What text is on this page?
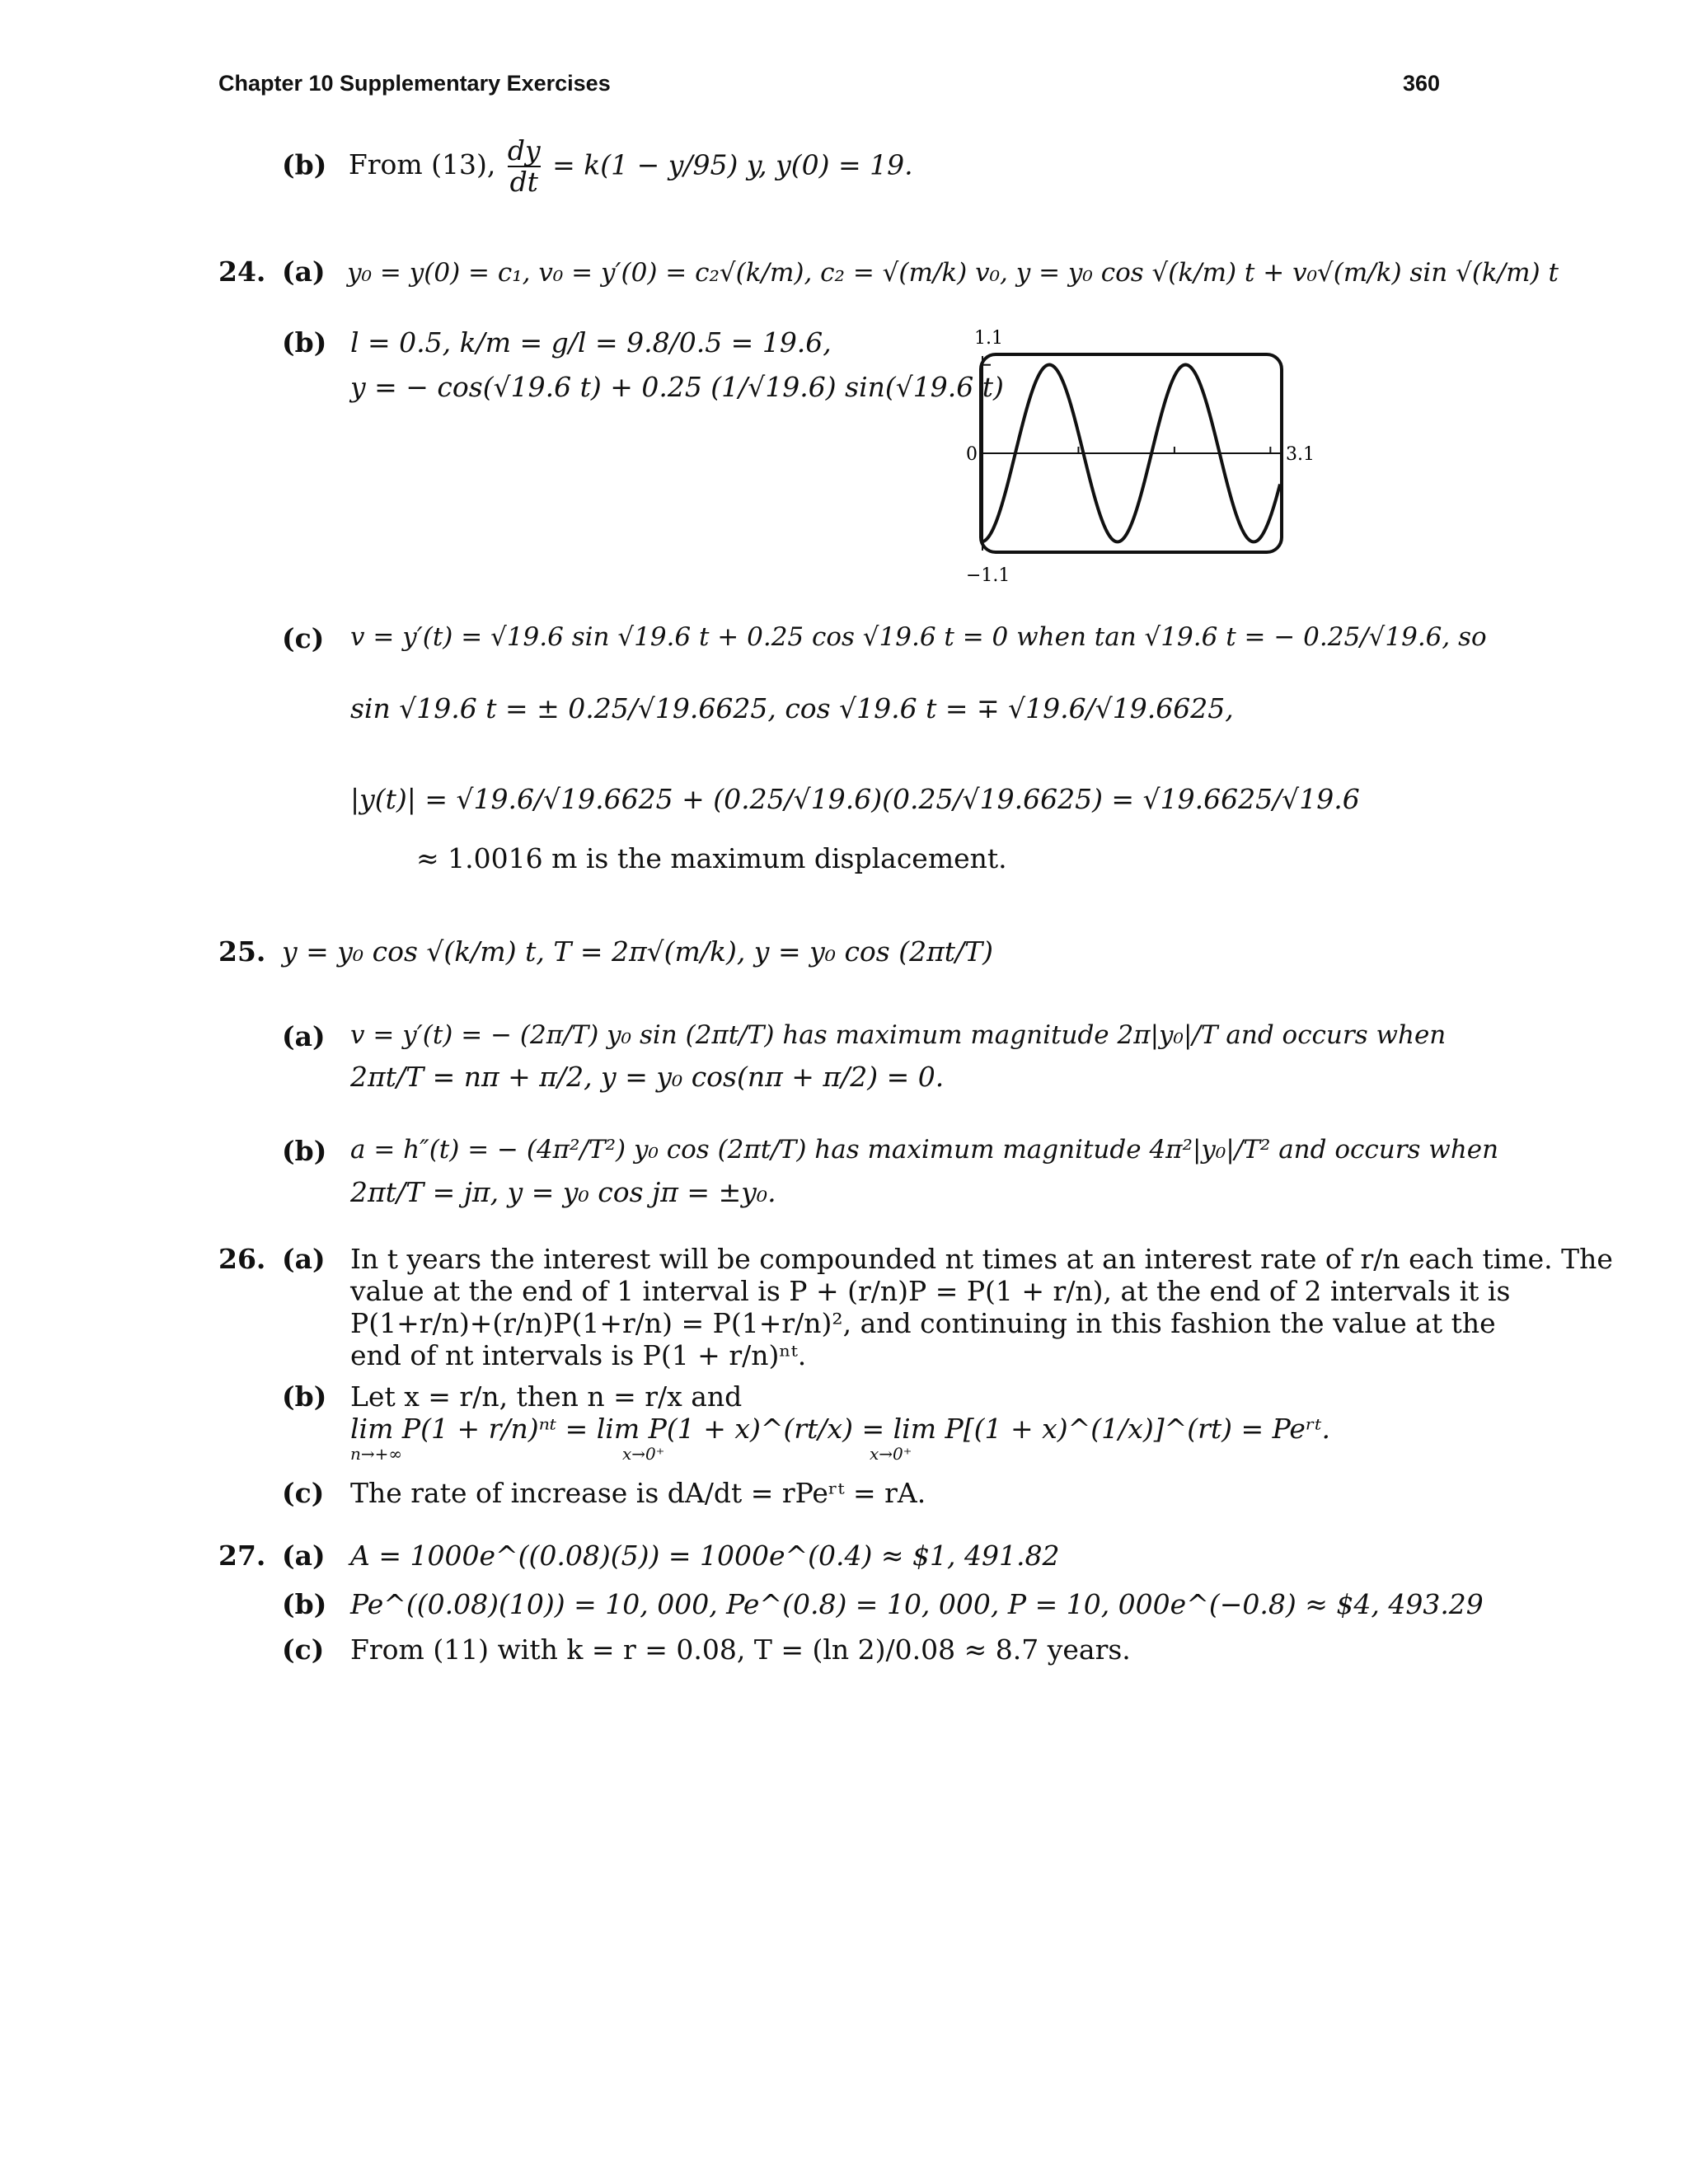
Chapter 10 Supplementary Exercises	360
(b) From (13), $\frac{dy}{dt} = k(1 - y/95)$ y, y(0) = 19.
24. (a) y₀ = y(0) = c₁, v₀ = y′(0) = c₂√(k/m), c₂ = √(m/k) v₀, y = y₀ cos √(k/m) t + v₀√(m/k) sin √(k/m) t
(b) l = 0.5, k/m = g/l = 9.8/0.5 = 19.6,
y = − cos(√19.6 t) + 0.25 (1/√19.6) sin(√19.6 t)
1.1
−1.1
0	3.1
(c) v = y′(t) = √19.6 sin √19.6 t + 0.25 cos √19.6 t = 0 when tan √19.6 t = − 0.25/√19.6, so
sin √19.6 t = ± 0.25/√19.6625, cos √19.6 t = ∓ √19.6/√19.6625,
|y(t)| = √19.6/√19.6625 + (0.25/√19.6)(0.25/√19.6625) = √19.6625/√19.6
≈ 1.0016 m is the maximum displacement.
25. y = y₀ cos √(k/m) t, T = 2π√(m/k), y = y₀ cos (2πt/T)
(a) v = y′(t) = − (2π/T) y₀ sin (2πt/T) has maximum magnitude 2π|y₀|/T and occurs when
2πt/T = nπ + π/2, y = y₀ cos(nπ + π/2) = 0.
(b) a = h″(t) = − (4π²/T²) y₀ cos (2πt/T) has maximum magnitude 4π²|y₀|/T² and occurs when
2πt/T = jπ, y = y₀ cos jπ = ±y₀.
26. (a) In t years the interest will be compounded nt times at an interest rate of r/n each time. The
value at the end of 1 interval is P + (r/n)P = P(1 + r/n), at the end of 2 intervals it is
P(1+r/n)+(r/n)P(1+r/n) = P(1+r/n)², and continuing in this fashion the value at the
end of nt intervals is P(1 + r/n)ⁿᵗ.
(b) Let x = r/n, then n = r/x and
lim P(1 + r/n)ⁿᵗ = lim P(1 + x)^(rt/x) = lim P[(1 + x)^(1/x)]^(rt) = Peʳᵗ.
n→+∞	x→0⁺	x→0⁺
(c) The rate of increase is dA/dt = rPeʳᵗ = rA.
27. (a) A = 1000e^((0.08)(5)) = 1000e^(0.4) ≈ $1, 491.82
(b) Pe^((0.08)(10)) = 10, 000, Pe^(0.8) = 10, 000, P = 10, 000e^(−0.8) ≈ $4, 493.29
(c) From (11) with k = r = 0.08, T = (ln 2)/0.08 ≈ 8.7 years.
